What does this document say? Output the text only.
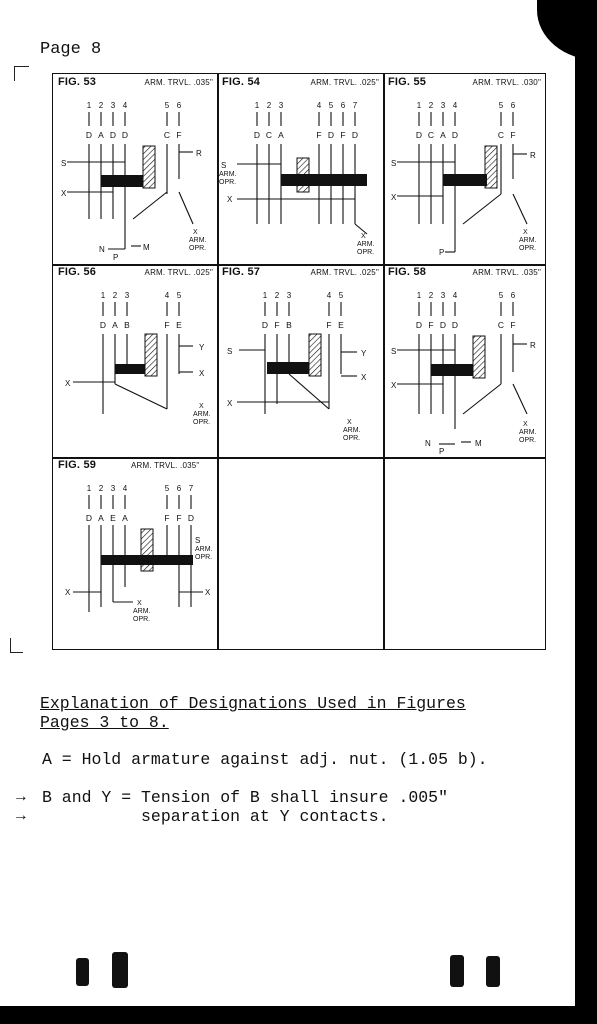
Page 8
FIG. 53	ARM. TRVL. .035"
S
X
R
N
P
M
X
ARM.
OPR.
1 2 3 4	5 6
D A D D	C F
FIG. 54	ARM. TRVL. .025"
S
ARM.
OPR.
X
X
ARM.
OPR.
1 2 3	4 5 6 7
D C A	F D F D
FIG. 55	ARM. TRVL. .030"
S
X
R
P
X
ARM.
OPR.
1 2 3 4	5 6
D C A D	C F
FIG. 56	ARM. TRVL. .025"
X
Y
X
X
ARM.
OPR.
1 2 3	4 5
D A B	F E
FIG. 57	ARM. TRVL. .025"
S	Y
X
X
X
ARM.
OPR.
1 2 3	4 5
D F B	F E
FIG. 58	ARM. TRVL. .035"
S
X
R
N
P
M
X
ARM.
OPR.
1 2 3 4	5 6
D F D D	C F
FIG. 59	ARM. TRVL. .035"
S
ARM.
OPR.
X	X
X
ARM.
OPR.
1 2 3 4	5 6 7
D A E A	F F D
Explanation of Designations Used in Figures
Pages 3 to 8.
A = Hold armature against adj. nut. (1.05 b).
→
→
B and Y = Tension of B shall insure .005"
separation at Y contacts.
